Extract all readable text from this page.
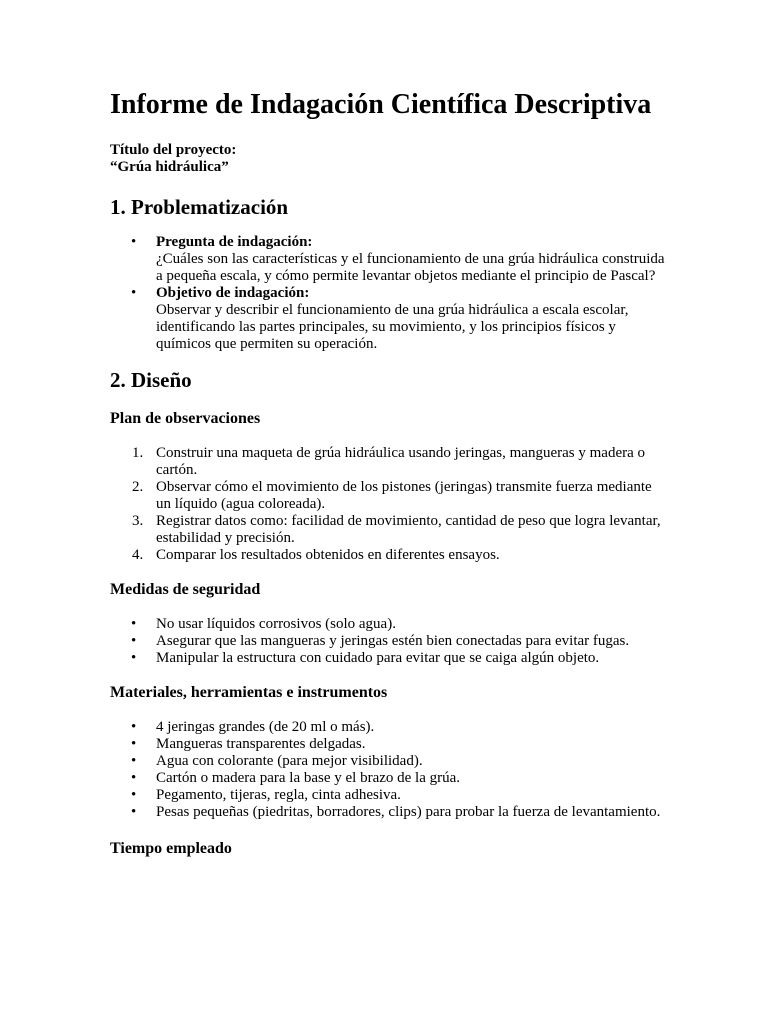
Informe de Indagación Científica Descriptiva
Título del proyecto:
“Grúa hidráulica”
1. Problematización
• Pregunta de indagación:
¿Cuáles son las características y el funcionamiento de una grúa hidráulica construida a pequeña escala, y cómo permite levantar objetos mediante el principio de Pascal?
• Objetivo de indagación:
Observar y describir el funcionamiento de una grúa hidráulica a escala escolar, identificando las partes principales, su movimiento, y los principios físicos y químicos que permiten su operación.
2. Diseño
Plan de observaciones
1. Construir una maqueta de grúa hidráulica usando jeringas, mangueras y madera o cartón.
2. Observar cómo el movimiento de los pistones (jeringas) transmite fuerza mediante un líquido (agua coloreada).
3. Registrar datos como: facilidad de movimiento, cantidad de peso que logra levantar, estabilidad y precisión.
4. Comparar los resultados obtenidos en diferentes ensayos.
Medidas de seguridad
• No usar líquidos corrosivos (solo agua).
• Asegurar que las mangueras y jeringas estén bien conectadas para evitar fugas.
• Manipular la estructura con cuidado para evitar que se caiga algún objeto.
Materiales, herramientas e instrumentos
• 4 jeringas grandes (de 20 ml o más).
• Mangueras transparentes delgadas.
• Agua con colorante (para mejor visibilidad).
• Cartón o madera para la base y el brazo de la grúa.
• Pegamento, tijeras, regla, cinta adhesiva.
• Pesas pequeñas (piedritas, borradores, clips) para probar la fuerza de levantamiento.
Tiempo empleado
